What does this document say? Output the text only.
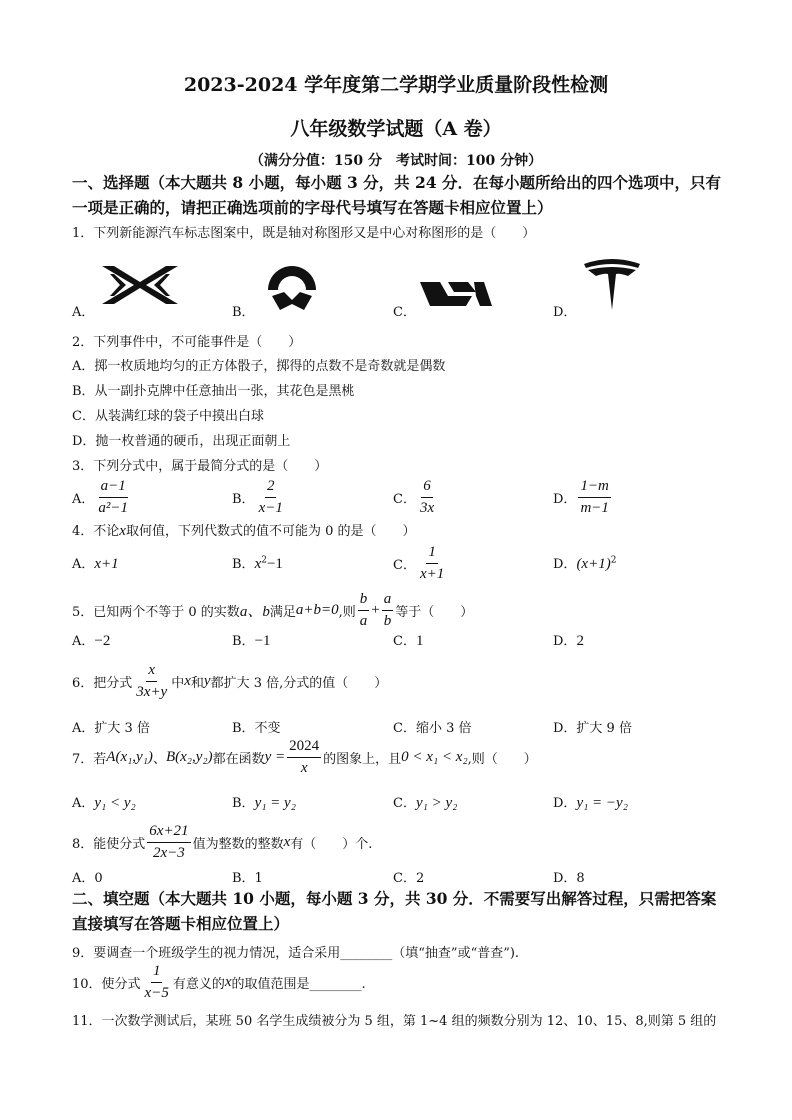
2023-2024 学年度第二学期学业质量阶段性检测
八年级数学试题（A 卷）
（满分分值：150 分　考试时间：100 分钟）
一、选择题（本大题共 8 小题，每小题 3 分，共 24 分．在每小题所给出的四个选项中，只有
一项是正确的，请把正确选项前的字母代号填写在答题卡相应位置上）
1．下列新能源汽车标志图案中，既是轴对称图形又是中心对称图形的是（　　）
A．	B．	C．	D．
2．下列事件中，不可能事件是（　　）
A．掷一枚质地均匀的正方体骰子，掷得的点数不是奇数就是偶数
B．从一副扑克牌中任意抽出一张，其花色是黑桃
C．从装满红球的袋子中摸出白球
D．抛一枚普通的硬币，出现正面朝上
3．下列分式中，属于最简分式的是（　　）
A． $\frac{a-1}{\text{a²−1}}$	B． $\frac{2}{x-1}$	C． $\frac{6}{3x}$	D． $\frac{1-m}{m-1}$
4．不论x取何值，下列代数式的值不可能为 0 的是（　　）
A．x+1	B．$x^2-1$	C． $\frac{1}{x+1}$	D．$(x+1)^2$
5．已知两个不等于 0 的实数a、b满足a+b=0,则 $\frac{b}{a} + \frac{a}{b}$ 等于（　　）
A．−2	B．−1	C．1	D．2
6．把分式 $\frac{x}{3x+y}$ 中x和y都扩大 3 倍,分式的值（　　）
A．扩大 3 倍	B．不变	C．缩小 3 倍	D．扩大 9 倍
7．若A(x₁,y₁)、B(x₂,y₂)都在函数$y = \frac{2024}{x}$ 的图象上，且0 < x₁ < x₂,则（　　）
A．y₁ < y₂	B．y₁ = y₂	C．y₁ > y₂	D．y₁ = −y₂
8．能使分式 $\frac{6x+21}{2x-3}$ 值为整数的整数x有（　　）个.
A．0	B．1	C．2	D．8
二、填空题（本大题共 10 小题，每小题 3 分，共 30 分．不需要写出解答过程，只需把答案
直接填写在答题卡相应位置上）
9．要调查一个班级学生的视力情况，适合采用________（填“抽查”或“普查”).
10．使分式 $\frac{1}{x-5}$ 有意义的x的取值范围是________.
11．一次数学测试后，某班 50 名学生成绩被分为 5 组，第 1~4 组的频数分别为 12、10、15、8,则第 5 组的
